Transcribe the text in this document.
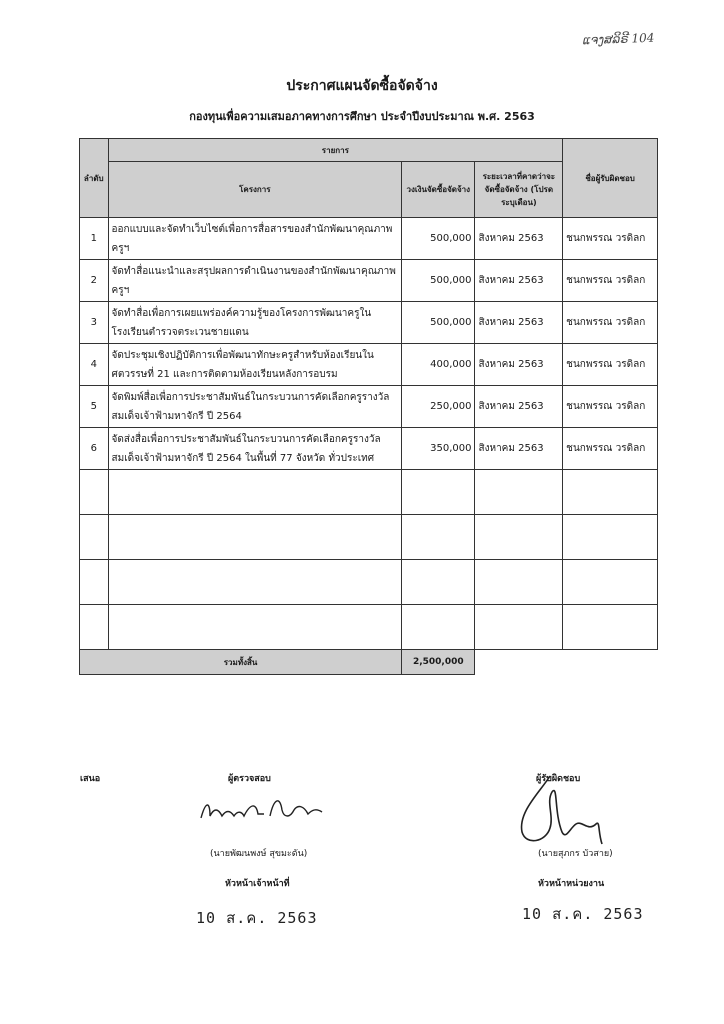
ແຈງສລິຣີ 104
ประกาศแผนจัดซื้อจัดจ้าง
กองทุนเพื่อความเสมอภาคทางการศึกษา ประจำปีงบประมาณ พ.ศ. 2563
ลำดับ	รายการ			ชื่อผู้รับผิดชอบ
	โครงการ	วงเงินจัดซื้อจัดจ้าง	ระยะเวลาที่คาดว่าจะจัดซื้อจัดจ้าง (โปรดระบุเดือน)	
1	ออกแบบและจัดทำเว็บไซต์เพื่อการสื่อสารของสำนักพัฒนาคุณภาพครูฯ	500,000	สิงหาคม 2563	ชนกพรรณ วรดิลก
2	จัดทำสื่อแนะนำและสรุปผลการดำเนินงานของสำนักพัฒนาคุณภาพครูฯ	500,000	สิงหาคม 2563	ชนกพรรณ วรดิลก
3	จัดทำสื่อเพื่อการเผยแพร่องค์ความรู้ของโครงการพัฒนาครูในโรงเรียนตำรวจตระเวนชายแดน	500,000	สิงหาคม 2563	ชนกพรรณ วรดิลก
4	จัดประชุมเชิงปฏิบัติการเพื่อพัฒนาทักษะครูสำหรับห้องเรียนในศตวรรษที่ 21 และการติดตามห้องเรียนหลังการอบรม	400,000	สิงหาคม 2563	ชนกพรรณ วรดิลก
5	จัดพิมพ์สื่อเพื่อการประชาสัมพันธ์ในกระบวนการคัดเลือกครูรางวัลสมเด็จเจ้าฟ้ามหาจักรี ปี 2564	250,000	สิงหาคม 2563	ชนกพรรณ วรดิลก
6	จัดส่งสื่อเพื่อการประชาสัมพันธ์ในกระบวนการคัดเลือกครูรางวัลสมเด็จเจ้าฟ้ามหาจักรี ปี 2564 ในพื้นที่ 77 จังหวัด ทั่วประเทศ	350,000	สิงหาคม 2563	ชนกพรรณ วรดิลก

รวมทั้งสิ้น		2,500,000		
เสนอ	ผู้ตรวจสอบ	ผู้รับผิดชอบ
(นายพัฒนพงษ์ สุขมะดัน)
หัวหน้าเจ้าหน้าที่
10 ส.ค. 2563
(นายสุภกร บัวสาย)
หัวหน้าหน่วยงาน
10 ส.ค. 2563
